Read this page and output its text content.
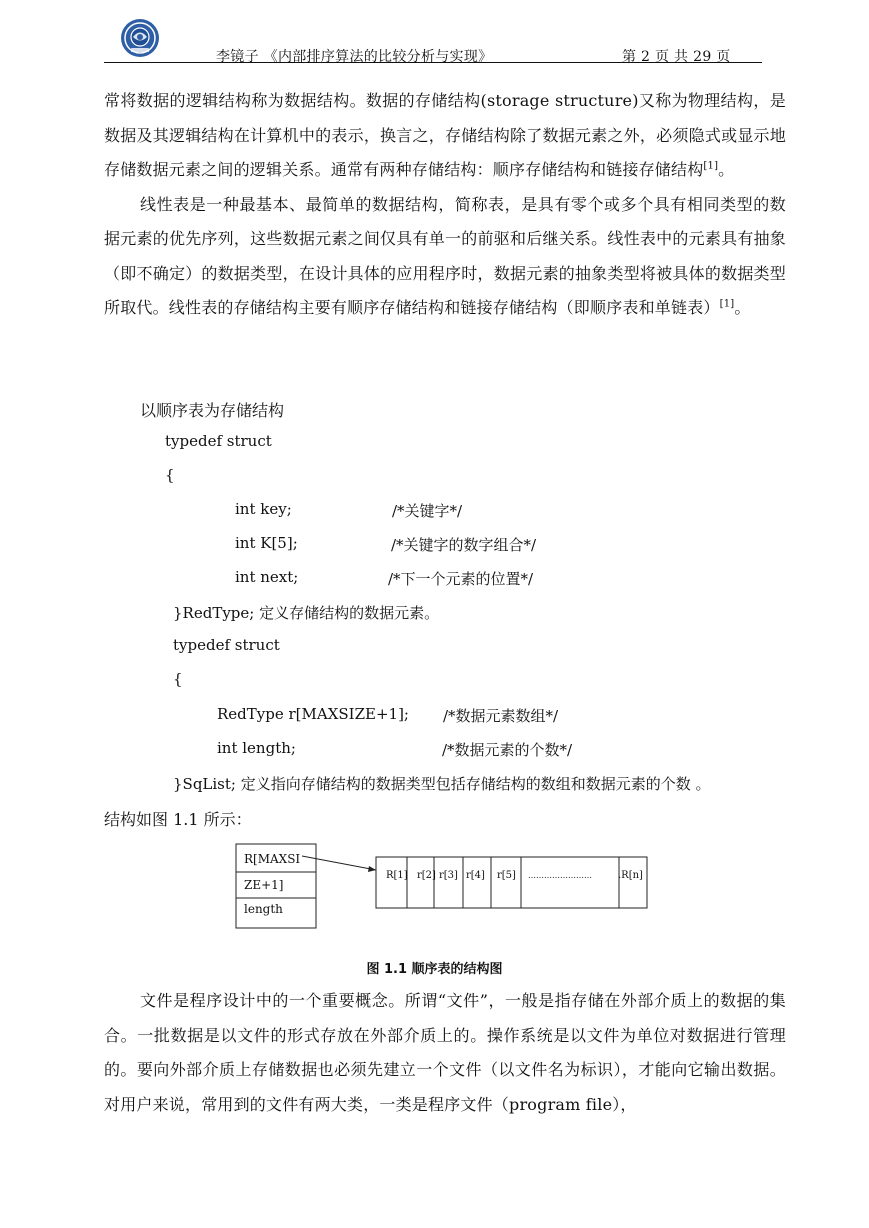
李镜子 《内部排序算法的比较分析与实现》	第 2 页 共 29 页

常将数据的逻辑结构称为数据结构。数据的存储结构(storage structure)又称为物理结构，是数据及其逻辑结构在计算机中的表示，换言之，存储结构除了数据元素之外，必须隐式或显示地存储数据元素之间的逻辑关系。通常有两种存储结构：顺序存储结构和链接存储结构[1]。

线性表是一种最基本、最简单的数据结构，简称表，是具有零个或多个具有相同类型的数据元素的优先序列，这些数据元素之间仅具有单一的前驱和后继关系。线性表中的元素具有抽象（即不确定）的数据类型，在设计具体的应用程序时，数据元素的抽象类型将被具体的数据类型所取代。线性表的存储结构主要有顺序存储结构和链接存储结构（即顺序表和单链表）[1]。

以顺序表为存储结构
typedef struct
{
int key;	/*关键字*/
int K[5];	/*关键字的数字组合*/
int next;	/*下一个元素的位置*/
}RedType; 定义存储结构的数据元素。
typedef struct
{
RedType r[MAXSIZE+1]; /*数据元素数组*/
int length;	/*数据元素的个数*/
}SqList; 定义指向存储结构的数据类型包括存储结构的数组和数据元素的个数 。
结构如图 1.1 所示：
R[MAXSI
ZE+1]
length
R[1] r[2] r[3] r[4] r[5] ……………………	.R[n]
图 1.1 顺序表的结构图

文件是程序设计中的一个重要概念。所谓“文件”，一般是指存储在外部介质上的数据的集合。一批数据是以文件的形式存放在外部介质上的。操作系统是以文件为单位对数据进行管理的。要向外部介质上存储数据也必须先建立一个文件（以文件名为标识），才能向它输出数据。对用户来说，常用到的文件有两大类，一类是程序文件（program file），
